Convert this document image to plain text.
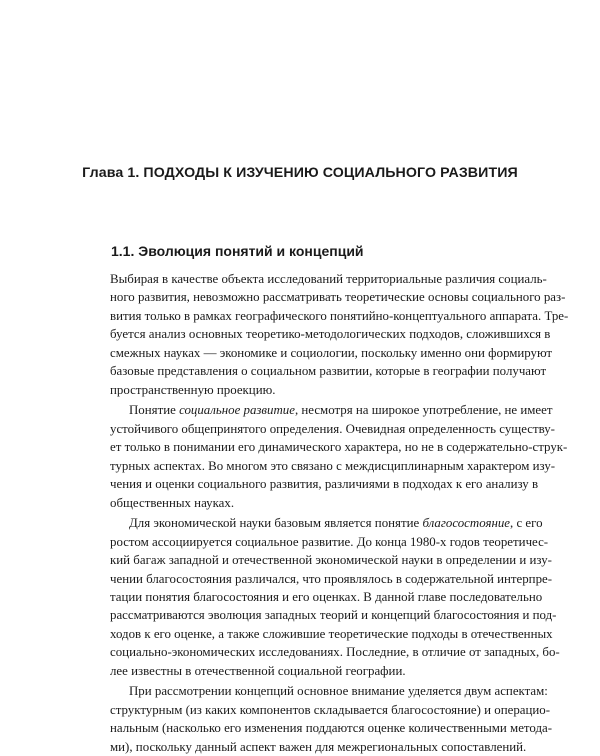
Глава 1. ПОДХОДЫ К ИЗУЧЕНИЮ СОЦИАЛЬНОГО РАЗВИТИЯ
1.1. Эволюция понятий и концепций
Выбирая в качестве объекта исследований территориальные различия социаль-
ного развития, невозможно рассматривать теоретические основы социального раз-
вития только в рамках географического понятийно-концептуального аппарата. Тре-
буется анализ основных теоретико-методологических подходов, сложившихся в
смежных науках — экономике и социологии, поскольку именно они формируют
базовые представления о социальном развитии, которые в географии получают
пространственную проекцию.
Понятие социальное развитие, несмотря на широкое употребление, не имеет
устойчивого общепринятого определения. Очевидная определенность существу-
ет только в понимании его динамического характера, но не в содержательно-струк-
турных аспектах. Во многом это связано с междисциплинарным характером изу-
чения и оценки социального развития, различиями в подходах к его анализу в
общественных науках.
Для экономической науки базовым является понятие благосостояние, с его
ростом ассоциируется социальное развитие. До конца 1980-х годов теоретичес-
кий багаж западной и отечественной экономической науки в определении и изу-
чении благосостояния различался, что проявлялось в содержательной интерпре-
тации понятия благосостояния и его оценках. В данной главе последовательно
рассматриваются эволюция западных теорий и концепций благосостояния и под-
ходов к его оценке, а также сложившие теоретические подходы в отечественных
социально-экономических исследованиях. Последние, в отличие от западных, бо-
лее известны в отечественной социальной географии.
При рассмотрении концепций основное внимание уделяется двум аспектам:
структурным (из каких компонентов складывается благосостояние) и операцио-
нальным (насколько его изменения поддаются оценке количественными метода-
ми), поскольку данный аспект важен для межрегиональных сопоставлений.
